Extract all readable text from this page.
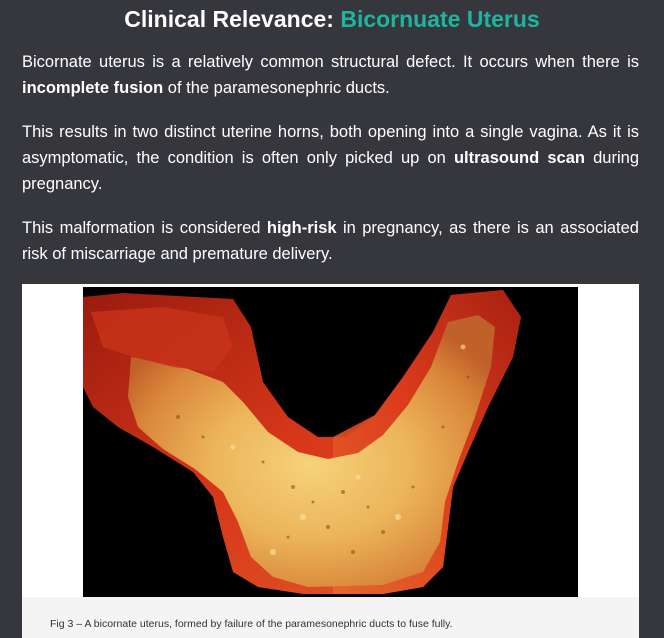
Clinical Relevance: Bicornuate Uterus

Bicornate uterus is a relatively common structural defect. It occurs when there is incomplete fusion of the paramesonephric ducts.

This results in two distinct uterine horns, both opening into a single vagina. As it is asymptomatic, the condition is often only picked up on ultrasound scan during pregnancy.

This malformation is considered high-risk in pregnancy, as there is an associated risk of miscarriage and premature delivery.

Fig 3 – A bicornate uterus, formed by failure of the paramesonephric ducts to fuse fully.
